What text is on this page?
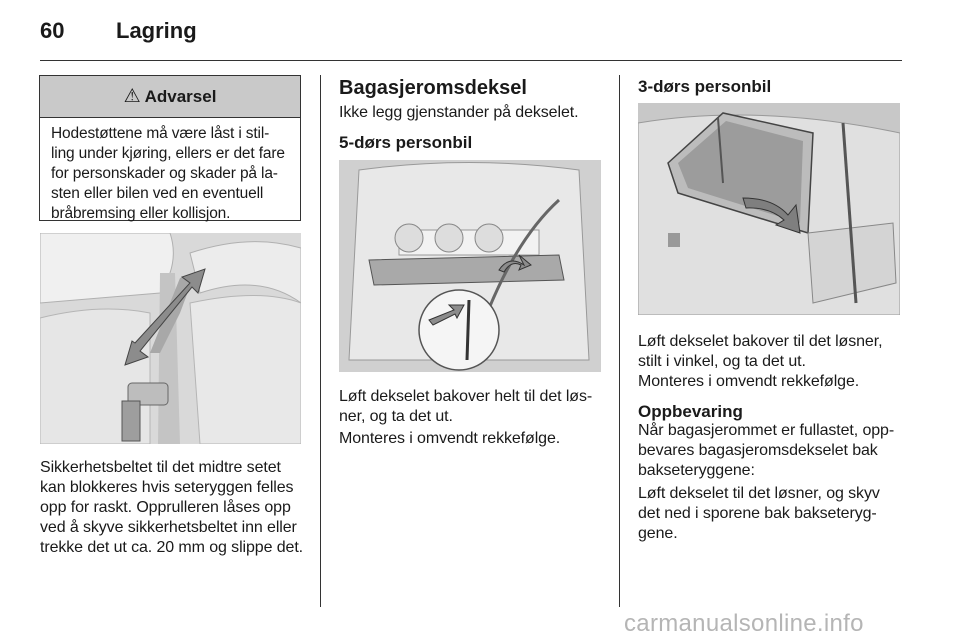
60 Lagring
⚠ Advarsel
Hodestøttene må være låst i stil-
ling under kjøring, ellers er det fare
for personskader og skader på la-
sten eller bilen ved en eventuell
bråbremsing eller kollisjon.
Sikkerhetsbeltet til det midtre setet
kan blokkeres hvis seteryggen felles
opp for raskt. Opprulleren låses opp
ved å skyve sikkerhetsbeltet inn eller
trekke det ut ca. 20 mm og slippe det.
Bagasjeromsdeksel
Ikke legg gjenstander på dekselet.
5-dørs personbil
Løft dekselet bakover helt til det løs-
ner, og ta det ut.
Monteres i omvendt rekkefølge.
3-dørs personbil
Løft dekselet bakover til det løsner,
stilt i vinkel, og ta det ut.
Monteres i omvendt rekkefølge.
Oppbevaring
Når bagasjerommet er fullastet, opp-
bevares bagasjeromsdekselet bak
bakseteryggene:
Løft dekselet til det løsner, og skyv
det ned i sporene bak bakseteryg-
gene.
carmanualsonline.info
